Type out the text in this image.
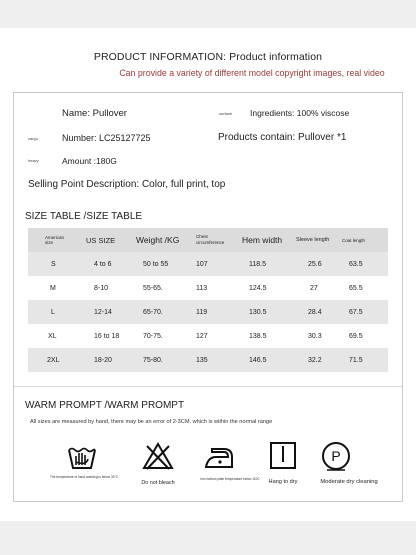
PRODUCT INFORMATION: Product information
Can provide a variety of different model copyright images, real video
Name: Pullover	surface Ingredients: 100% viscose
cargo	Number: LC25127725	Products contain: Pullover *1
heavy	Amount :180G
Selling Point Description: Color, full print, top
SIZE TABLE /SIZE TABLE
American size	US SIZE	Weight /KG	Chest circumference	Hem width	Sleeve length	Coat length
S	4 to 6	50 to 55	107	118.5	25.6	63.5
M	8-10	55-65.	113	124.5	27	65.5
L	12-14	65-70.	119	130.5	28.4	67.5
XL	16 to 18	70-75.	127	138.5	30.3	69.5
2XL	18-20	75-80.	135	146.5	32.2	71.5
WARM PROMPT /WARM PROMPT
All sizes are measured by hand, there may be an error of 2-3CM, which is within the normal range
The temperature of hand washing is below 30°C
Do not bleach
Iron bottom plate temperature below 110C	Hang to dry
P
Moderate dry cleaning
